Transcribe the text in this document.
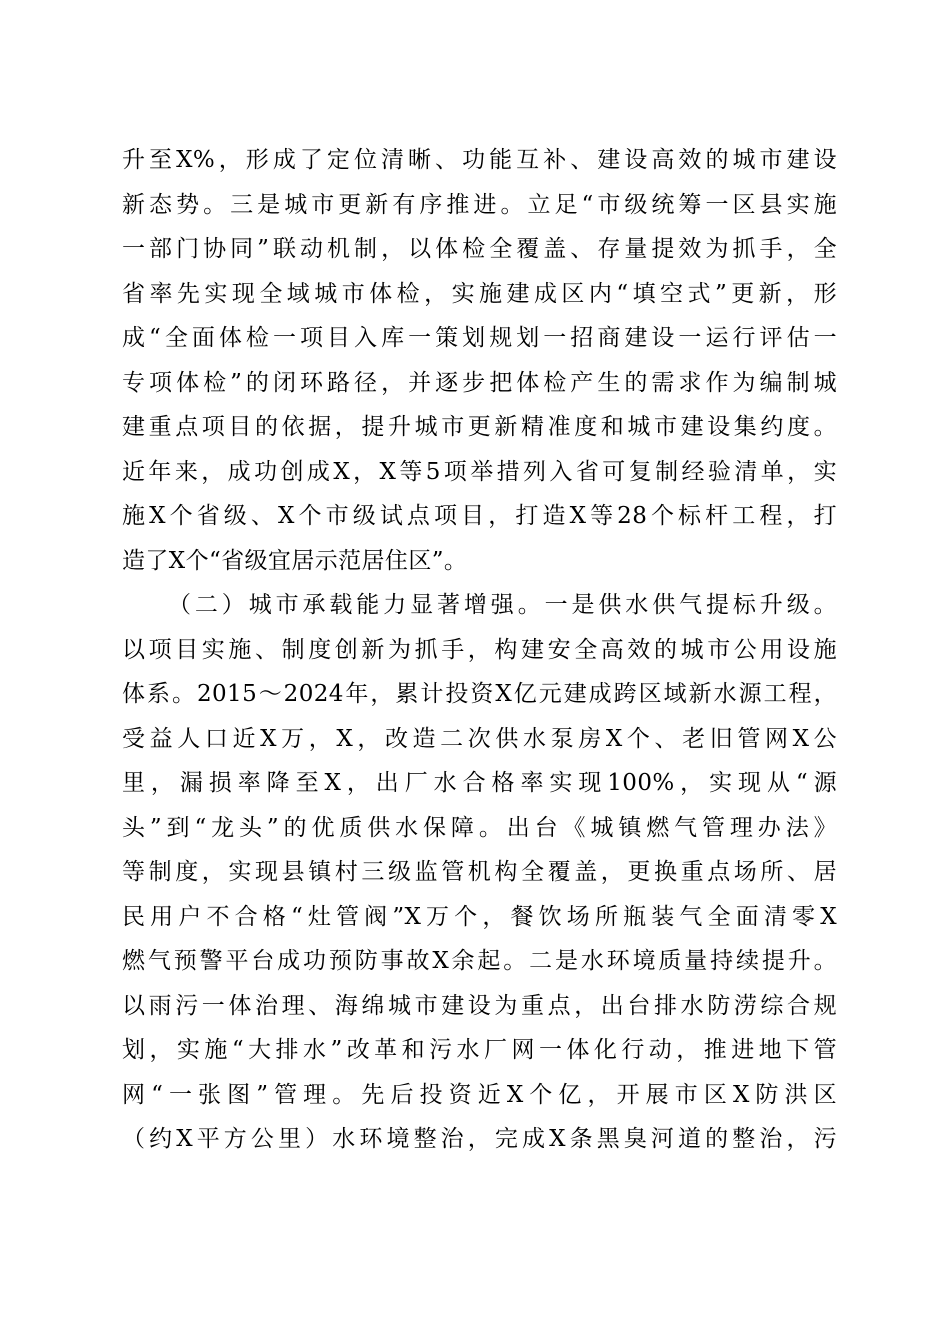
升至X%，形成了定位清晰、功能互补、建设高效的城市建设
新态势。三是城市更新有序推进。立足“市级统筹一区县实施
一部门协同”联动机制，以体检全覆盖、存量提效为抓手，全
省率先实现全域城市体检，实施建成区内“填空式”更新，形
成“全面体检一项目入库一策划规划一招商建设一运行评估一
专项体检”的闭环路径，并逐步把体检产生的需求作为编制城
建重点项目的依据，提升城市更新精准度和城市建设集约度。
近年来，成功创成X，X等5项举措列入省可复制经验清单，实
施X个省级、X个市级试点项目，打造X等28个标杆工程，打
造了X个“省级宜居示范居住区”。
（二）城市承载能力显著增强。一是供水供气提标升级。
以项目实施、制度创新为抓手，构建安全高效的城市公用设施
体系。2015～2024年，累计投资X亿元建成跨区域新水源工程，
受益人口近X万，X，改造二次供水泵房X个、老旧管网X公
里，漏损率降至X，出厂水合格率实现100%，实现从“源
头”到“龙头”的优质供水保障。出台《城镇燃气管理办法》
等制度，实现县镇村三级监管机构全覆盖，更换重点场所、居
民用户不合格“灶管阀”X万个，餐饮场所瓶装气全面清零X
燃气预警平台成功预防事故X余起。二是水环境质量持续提升。
以雨污一体治理、海绵城市建设为重点，出台排水防涝综合规
划，实施“大排水”改革和污水厂网一体化行动，推进地下管
网“一张图”管理。先后投资近X个亿，开展市区X防洪区
（约X平方公里）水环境整治，完成X条黑臭河道的整治，污
